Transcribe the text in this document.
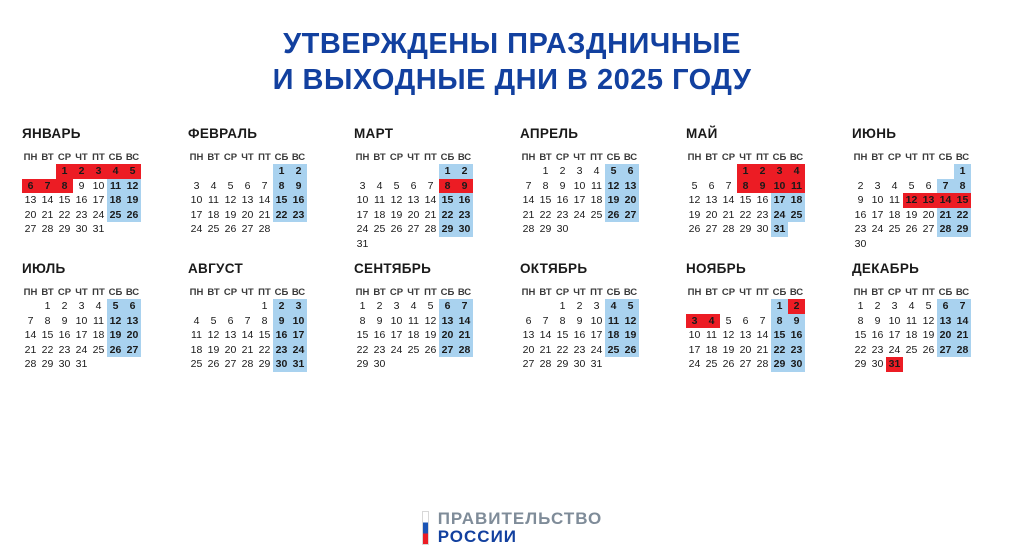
УТВЕРЖДЕНЫ ПРАЗДНИЧНЫЕ
И ВЫХОДНЫЕ ДНИ В 2025 ГОДУ
ЯНВАРЬ
ПН	ВТ	СР	ЧТ	ПТ	СБ	ВС
		1	2	3	4	5
6	7	8	9	10	11	12
13	14	15	16	17	18	19
20	21	22	23	24	25	26
27	28	29	30	31		
ФЕВРАЛЬ
ПН	ВТ	СР	ЧТ	ПТ	СБ	ВС
					1	2
3	4	5	6	7	8	9
10	11	12	13	14	15	16
17	18	19	20	21	22	23
24	25	26	27	28		
МАРТ
ПН	ВТ	СР	ЧТ	ПТ	СБ	ВС
					1	2
3	4	5	6	7	8	9
10	11	12	13	14	15	16
17	18	19	20	21	22	23
24	25	26	27	28	29	30
31						
АПРЕЛЬ
ПН	ВТ	СР	ЧТ	ПТ	СБ	ВС
	1	2	3	4	5	6
7	8	9	10	11	12	13
14	15	16	17	18	19	20
21	22	23	24	25	26	27
28	29	30				
МАЙ
ПН	ВТ	СР	ЧТ	ПТ	СБ	ВС
			1	2	3	4
5	6	7	8	9	10	11
12	13	14	15	16	17	18
19	20	21	22	23	24	25
26	27	28	29	30	31	
ИЮНЬ
ПН	ВТ	СР	ЧТ	ПТ	СБ	ВС
						1
2	3	4	5	6	7	8
9	10	11	12	13	14	15
16	17	18	19	20	21	22
23	24	25	26	27	28	29
30						
ИЮЛЬ
ПН	ВТ	СР	ЧТ	ПТ	СБ	ВС
	1	2	3	4	5	6
7	8	9	10	11	12	13
14	15	16	17	18	19	20
21	22	23	24	25	26	27
28	29	30	31			
АВГУСТ
ПН	ВТ	СР	ЧТ	ПТ	СБ	ВС
				1	2	3
4	5	6	7	8	9	10
11	12	13	14	15	16	17
18	19	20	21	22	23	24
25	26	27	28	29	30	31
СЕНТЯБРЬ
ПН	ВТ	СР	ЧТ	ПТ	СБ	ВС
1	2	3	4	5	6	7
8	9	10	11	12	13	14
15	16	17	18	19	20	21
22	23	24	25	26	27	28
29	30					
ОКТЯБРЬ
ПН	ВТ	СР	ЧТ	ПТ	СБ	ВС
		1	2	3	4	5
6	7	8	9	10	11	12
13	14	15	16	17	18	19
20	21	22	23	24	25	26
27	28	29	30	31		
НОЯБРЬ
ПН	ВТ	СР	ЧТ	ПТ	СБ	ВС
					1	2
3	4	5	6	7	8	9
10	11	12	13	14	15	16
17	18	19	20	21	22	23
24	25	26	27	28	29	30
ДЕКАБРЬ
ПН	ВТ	СР	ЧТ	ПТ	СБ	ВС
1	2	3	4	5	6	7
8	9	10	11	12	13	14
15	16	17	18	19	20	21
22	23	24	25	26	27	28
29	30	31				
ПРАВИТЕЛЬСТВО
РОССИИ
